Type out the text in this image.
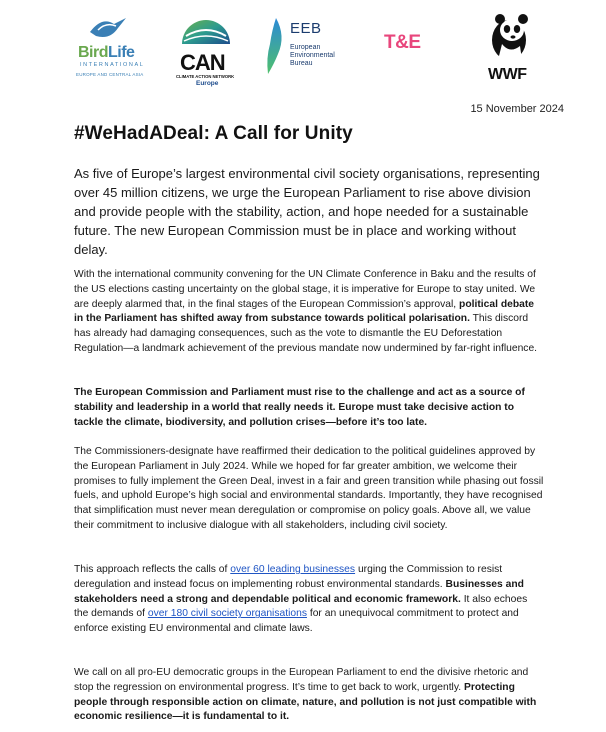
BirdLife
INTERNATIONAL
EUROPE AND CENTRAL ASIA CAN
CLIMATE ACTION NETWORK
Europe
EEB
European
Environmental
Bureau
T&E
WWF
15 November 2024
#WeHadADeal: A Call for Unity

As five of Europe’s largest environmental civil society organisations, representing over 45 million citizens, we urge the European Parliament to rise above division and provide people with the stability, action, and hope needed for a sustainable future. The new European Commission must be in place and working without delay.

With the international community convening for the UN Climate Conference in Baku and the results of the US elections casting uncertainty on the global stage, it is imperative for Europe to stay united. We are deeply alarmed that, in the final stages of the European Commission’s approval, political debate in the Parliament has shifted away from substance towards political polarisation. This discord has already had damaging consequences, such as the vote to dismantle the EU Deforestation Regulation—a landmark achievement of the previous mandate now undermined by far-right influence.

The European Commission and Parliament must rise to the challenge and act as a source of stability and leadership in a world that really needs it. Europe must take decisive action to tackle the climate, biodiversity, and pollution crises—before it’s too late.

The Commissioners-designate have reaffirmed their dedication to the political guidelines approved by the European Parliament in July 2024. While we hoped for far greater ambition, we welcome their promises to fully implement the Green Deal, invest in a fair and green transition while phasing out fossil fuels, and uphold Europe’s high social and environmental standards. Importantly, they have recognised that simplification must never mean deregulation or compromise on policy goals. Above all, we value their commitment to inclusive dialogue with all stakeholders, including civil society.

This approach reflects the calls of over 60 leading businesses urging the Commission to resist deregulation and instead focus on implementing robust environmental standards. Businesses and stakeholders need a strong and dependable political and economic framework. It also echoes the demands of over 180 civil society organisations for an unequivocal commitment to protect and enforce existing EU environmental and climate laws.

We call on all pro-EU democratic groups in the European Parliament to end the divisive rhetoric and stop the regression on environmental progress. It’s time to get back to work, urgently. Protecting people through responsible action on climate, nature, and pollution is not just compatible with economic resilience—it is fundamental to it.
